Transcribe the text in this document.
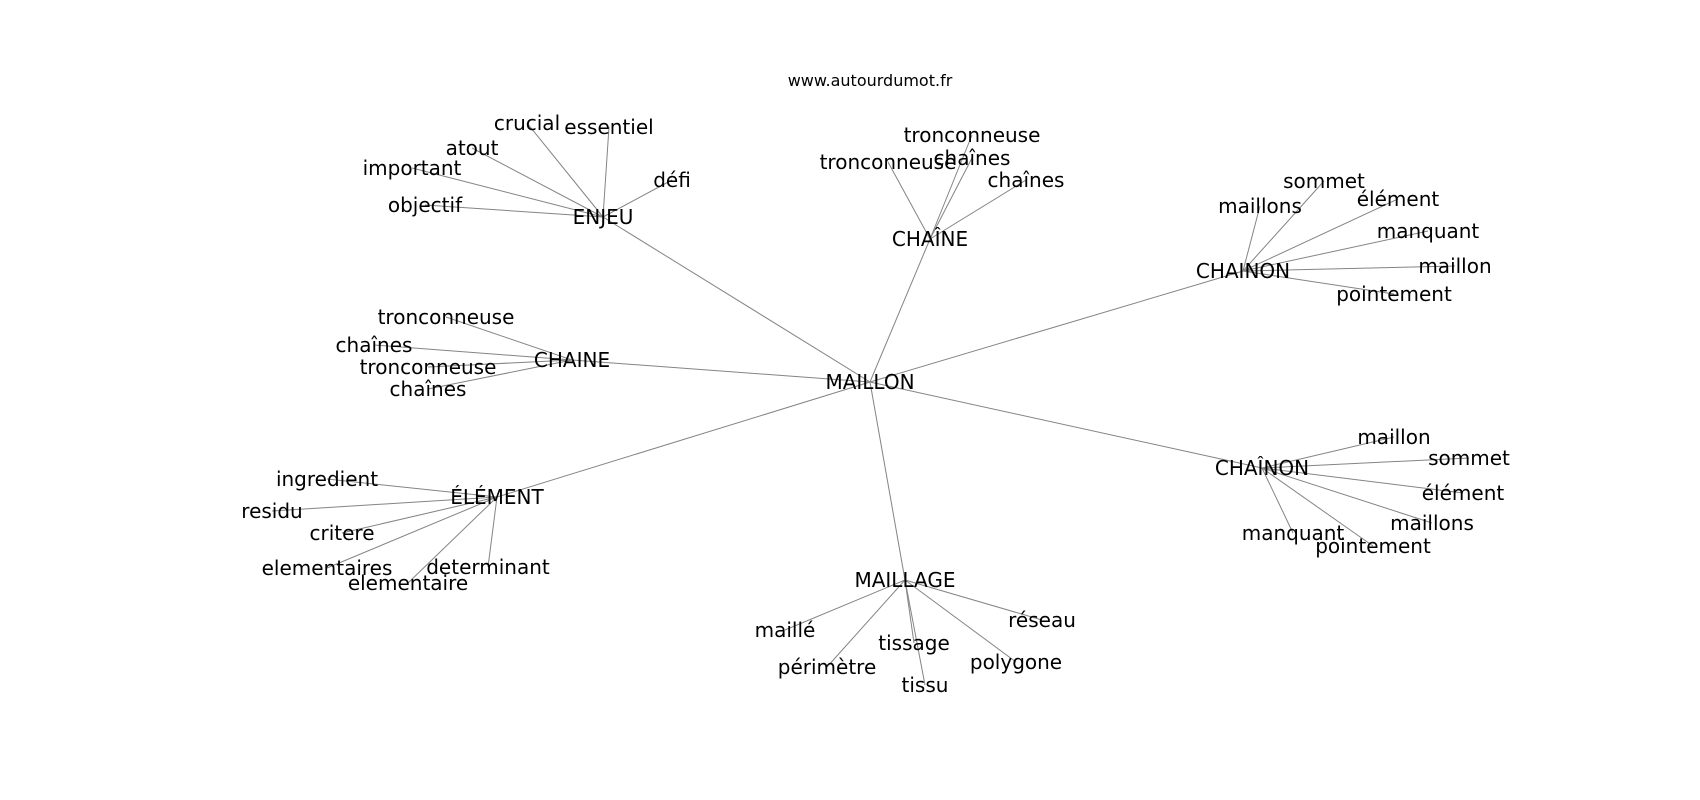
MAILLON
ENJEU
CHAÎNE
CHAINON
CHAINE
ÉLÉMENT
CHAÎNON
MAILLAGE
crucial essentiel
atout
important
objectif
défi
tronconneuse
chaînes
tronconneuse
chaînes	sommet
maillons	élément
manquant
maillon
pointement
tronconneuse
chaînes
tronconneuse
chaînes
ingredient
residu
critere
elementaires
elementaire
determinant
maillon
sommet
élément
maillons
manquant
pointement
maillé
périmètre
tissage
tissu
polygone
réseau
www.autourdumot.fr
